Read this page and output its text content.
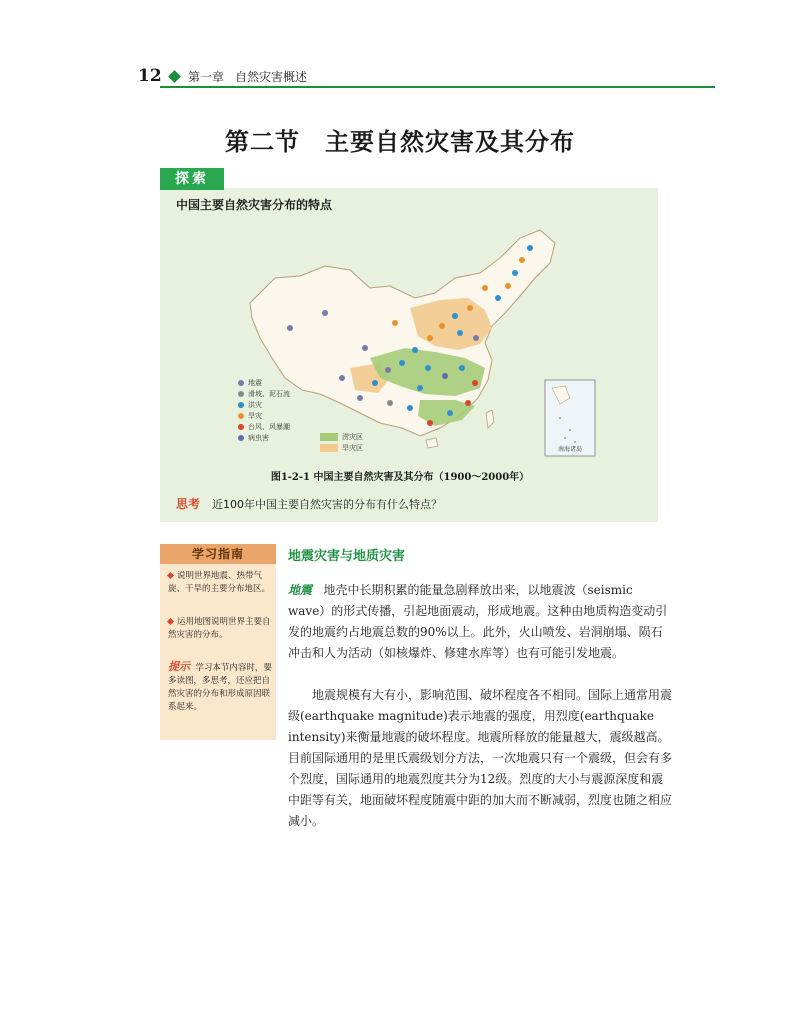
12 第一章 自然灾害概述
第二节　主要自然灾害及其分布
探索
中国主要自然灾害分布的特点
南海诸岛
地震
滑坡、泥石流
洪灾
旱灾
台风、风暴潮
病虫害	涝灾区
旱灾区
图1-2-1 中国主要自然灾害及其分布（1900～2000年）
思考 近100年中国主要自然灾害的分布有什么特点？
学习指南
说明世界地震、热带气旋、干旱的主要分布地区。
运用地图说明世界主要自然灾害的分布。
提示 学习本节内容时，要多读图，多思考，还应把自然灾害的分布和形成原因联系起来。
地震灾害与地质灾害
地震 地壳中长期积累的能量急剧释放出来，以地震波（seismic wave）的形式传播，引起地面震动，形成地震。这种由地质构造变动引发的地震约占地震总数的90%以上。此外，火山喷发、岩洞崩塌、陨石冲击和人为活动（如核爆炸、修建水库等）也有可能引发地震。
地震规模有大有小，影响范围、破坏程度各不相同。国际上通常用震级(earthquake magnitude)表示地震的强度，用烈度(earthquake intensity)来衡量地震的破坏程度。地震所释放的能量越大，震级越高。目前国际通用的是里氏震级划分方法，一次地震只有一个震级，但会有多个烈度，国际通用的地震烈度共分为12级。烈度的大小与震源深度和震中距等有关，地面破坏程度随震中距的加大而不断减弱，烈度也随之相应减小。
